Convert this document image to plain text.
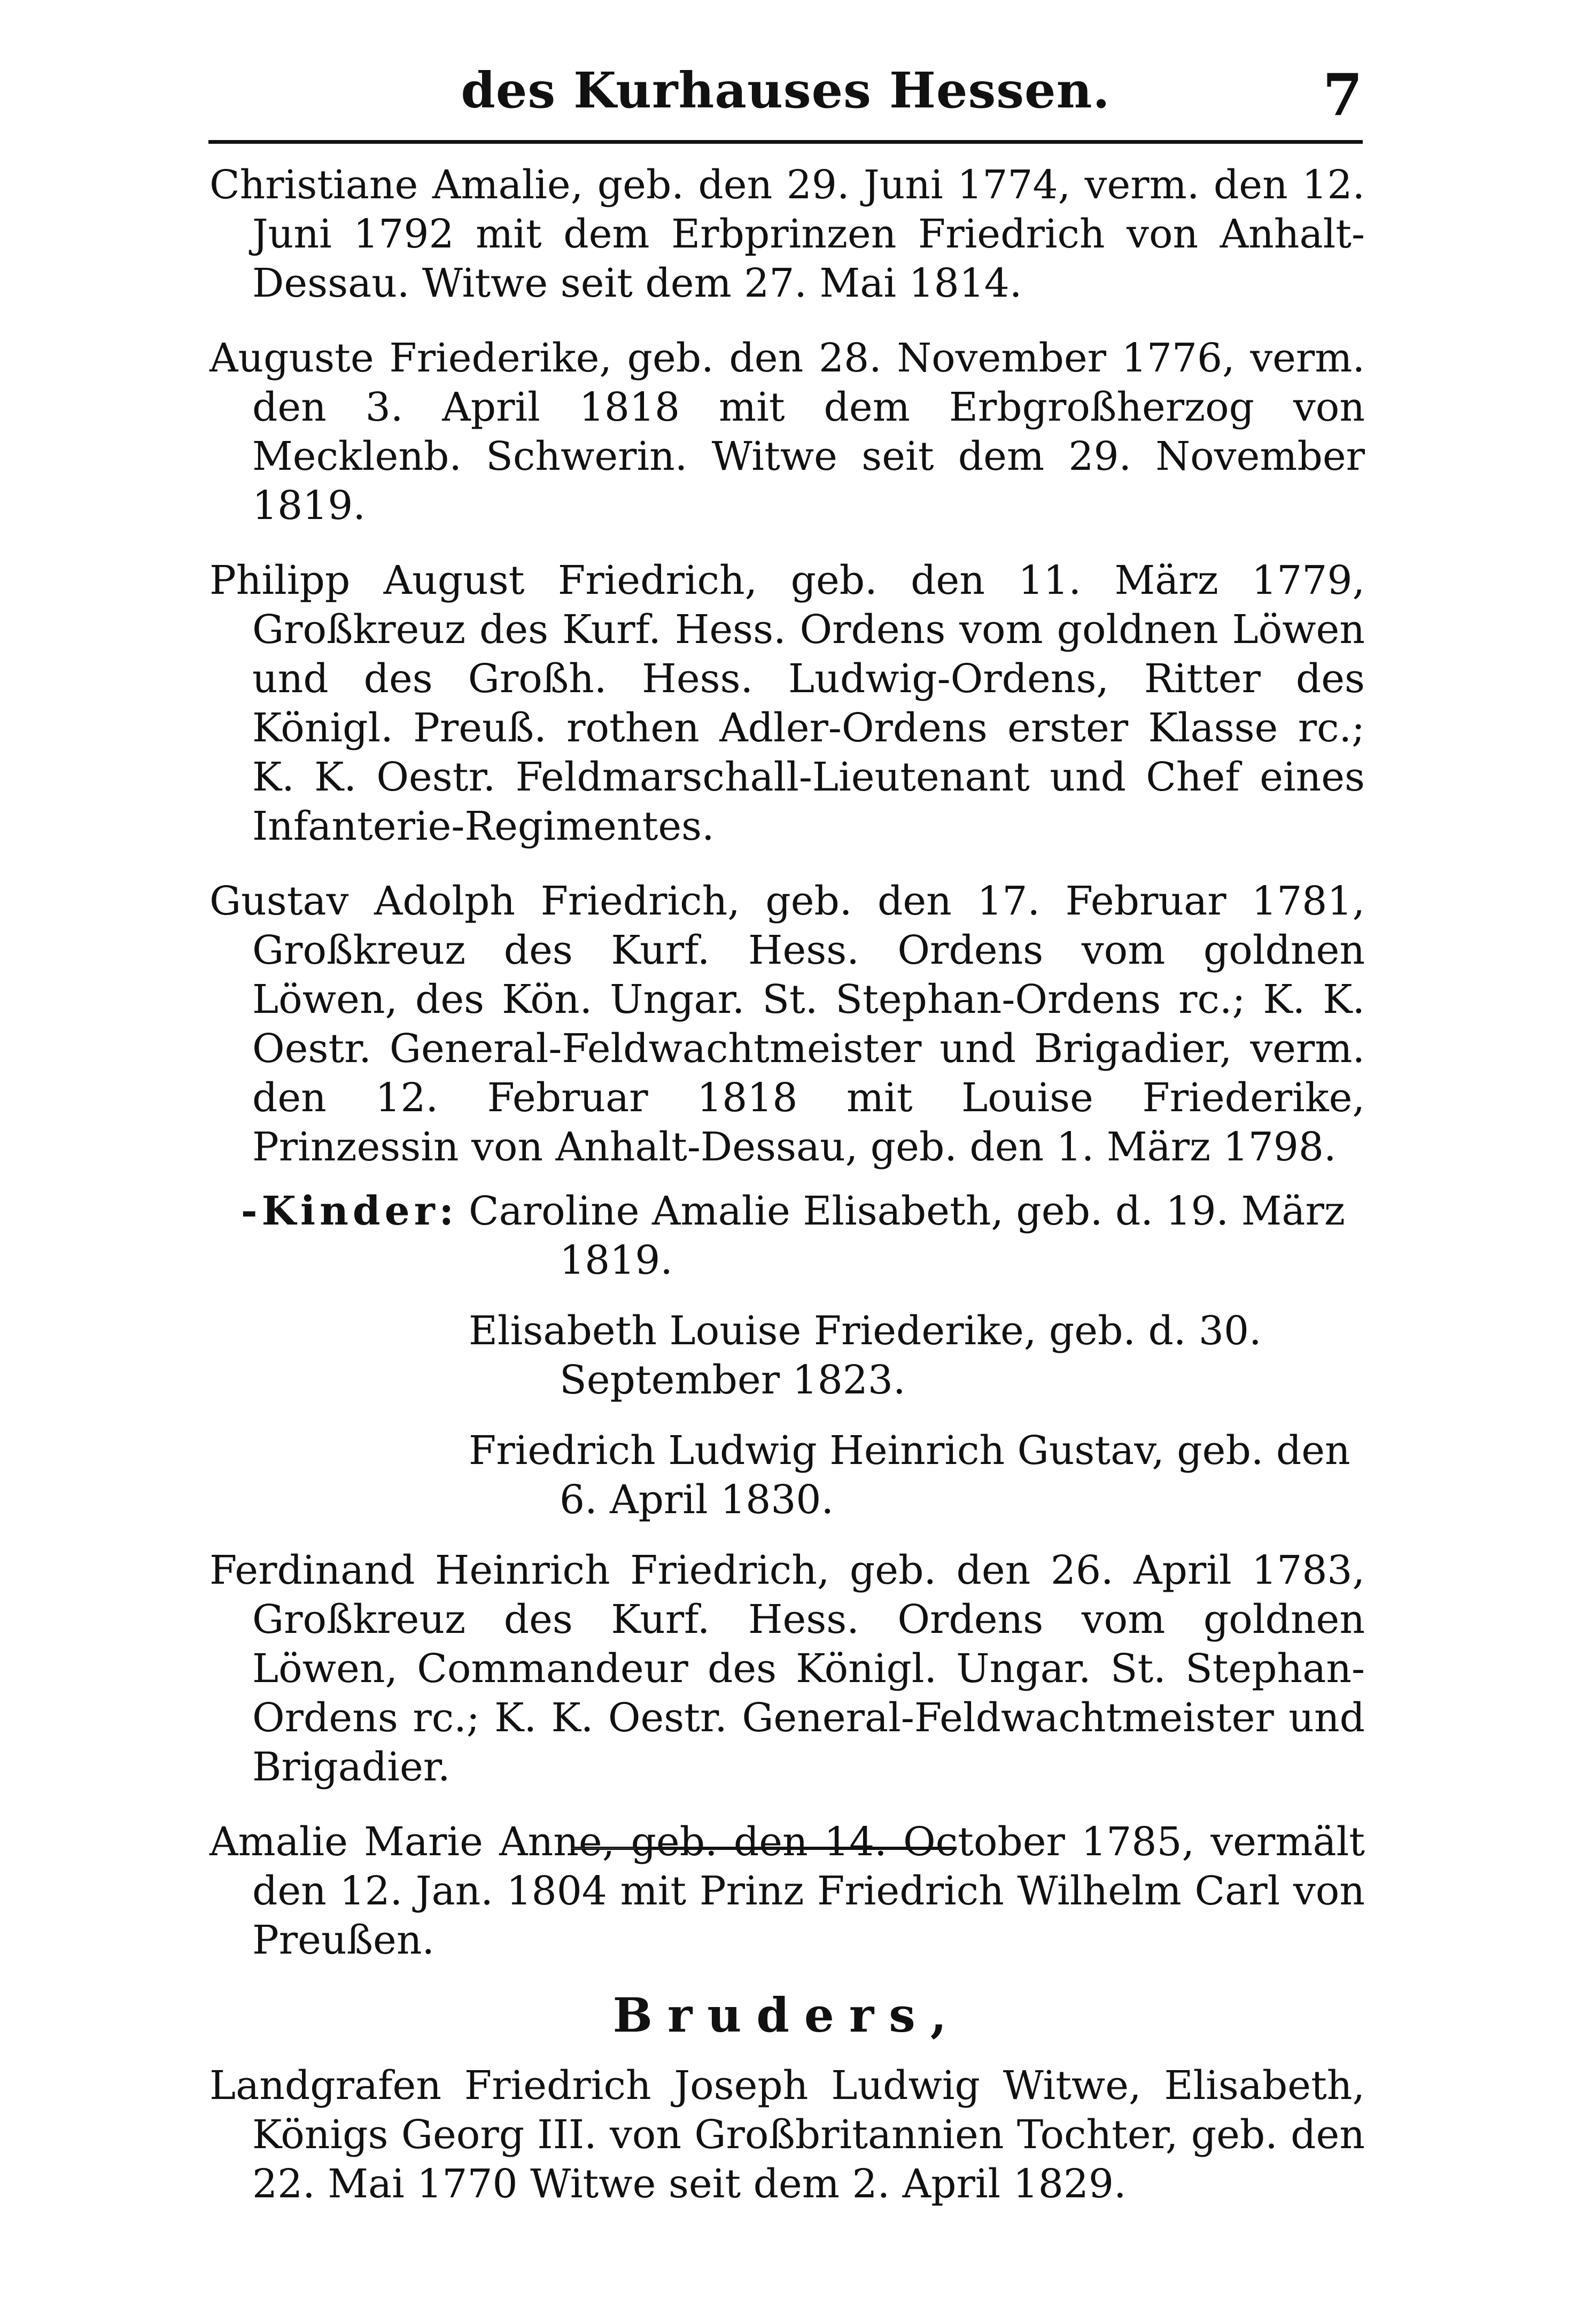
des Kurhauses Hessen.	7

Christiane Amalie, geb. den 29. Juni 1774, verm. den 12. Juni 1792 mit dem Erbprinzen Friedrich von Anhalt-Dessau. Witwe seit dem 27. Mai 1814.

Auguste Friederike, geb. den 28. November 1776, verm. den 3. April 1818 mit dem Erbgroßherzog von Mecklenb. Schwerin. Witwe seit dem 29. November 1819.

Philipp August Friedrich, geb. den 11. März 1779, Großkreuz des Kurf. Hess. Ordens vom goldnen Löwen und des Großh. Hess. Ludwig-Ordens, Ritter des Königl. Preuß. rothen Adler-Ordens erster Klasse rc.; K. K. Oestr. Feldmarschall-Lieutenant und Chef eines Infanterie-Regimentes.

Gustav Adolph Friedrich, geb. den 17. Februar 1781, Großkreuz des Kurf. Hess. Ordens vom goldnen Löwen, des Kön. Ungar. St. Stephan-Ordens rc.; K. K. Oestr. General-Feldwachtmeister und Brigadier, verm. den 12. Februar 1818 mit Louise Friederike, Prinzessin von Anhalt-Dessau, geb. den 1. März 1798.

-Kinder: Caroline Amalie Elisabeth, geb. d. 19. März 1819.
Elisabeth Louise Friederike, geb. d. 30. September 1823.
Friedrich Ludwig Heinrich Gustav, geb. den 6. April 1830.

Ferdinand Heinrich Friedrich, geb. den 26. April 1783, Großkreuz des Kurf. Hess. Ordens vom goldnen Löwen, Commandeur des Königl. Ungar. St. Stephan-Ordens rc.; K. K. Oestr. General-Feldwachtmeister und Brigadier.

Amalie Marie Anne, geb. den 14. October 1785, vermält den 12. Jan. 1804 mit Prinz Friedrich Wilhelm Carl von Preußen.

Bruders,

Landgrafen Friedrich Joseph Ludwig Witwe, Elisabeth, Königs Georg III. von Großbritannien Tochter, geb. den 22. Mai 1770 Witwe seit dem 2. April 1829.
